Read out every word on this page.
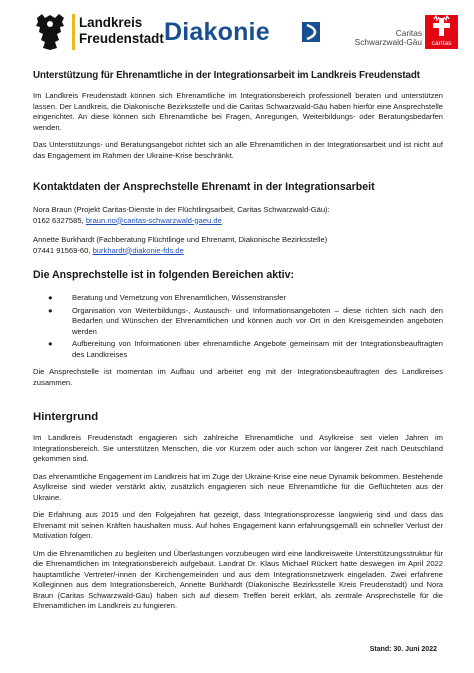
Landkreis
Freudenstadt Diakonie	Caritas
Schwarzwald-Gäu	caritas
Unterstützung für Ehrenamtliche in der Integrationsarbeit im Landkreis Freudenstadt

Im Landkreis Freudenstadt können sich Ehrenamtliche im Integrationsbereich professionell beraten und unterstützen lassen. Der Landkreis, die Diakonische Bezirksstelle und die Caritas Schwarzwald-Gäu haben hierfür eine Ansprechstelle eingerichtet. An diese können sich Ehrenamtliche bei Fragen, Anregungen, Weiterbildungs- oder Beratungsbedarfen wenden.

Das Unterstützungs- und Beratungsangebot richtet sich an alle Ehrenamtlichen in der Integrationsarbeit und ist nicht auf das Engagement im Rahmen der Ukraine-Krise beschränkt.

Kontaktdaten der Ansprechstelle Ehrenamt in der Integrationsarbeit

Nora Braun (Projekt Caritas-Dienste in der Flüchtlingsarbeit, Caritas Schwarzwald-Gäu):

0162 6327585, braun.no@caritas-schwarzwald-gaeu.de

Annette Burkhardt (Fachberatung Flüchtlinge und Ehrenamt, Diakonische Bezirksstelle)

07441 91569-60, burkhardt@diakonie-fds.de

Die Ansprechstelle ist in folgenden Bereichen aktiv:
●	Beratung und Vernetzung von Ehrenamtlichen, Wissenstransfer
●	Organisation von Weiterbildungs-, Austausch- und Informationsangeboten – diese richten sich nach den Bedarfen und Wünschen der Ehrenamtlichen und können auch vor Ort in den Kreisgemeinden angeboten werden
●	Aufbereitung von Informationen über ehrenamtliche Angebote gemeinsam mit der Integrationsbeauftragten des Landkreises

Die Ansprechstelle ist momentan im Aufbau und arbeitet eng mit der Integrationsbeauftragten des Landkreises zusammen.

Hintergrund

Im Landkreis Freudenstadt engagieren sich zahlreiche Ehrenamtliche und Asylkreise seit vielen Jahren im Integrationsbereich. Sie unterstützen Menschen, die vor Kurzem oder auch schon vor längerer Zeit nach Deutschland gekommen sind.

Das ehrenamtliche Engagement im Landkreis hat im Zuge der Ukraine-Krise eine neue Dynamik bekommen. Bestehende Asylkreise sind wieder verstärkt aktiv, zusätzlich engagieren sich neue Ehrenamtliche für die Geflüchteten aus der Ukraine.

Die Erfahrung aus 2015 und den Folgejahren hat gezeigt, dass Integrationsprozesse langwierig sind und dass das Ehrenamt mit seinen Kräften haushalten muss. Auf hohes Engagement kann erfahrungsgemäß ein schneller Verlust der Motivation folgen.

Um die Ehrenamtlichen zu begleiten und Überlastungen vorzubeugen wird eine landkreisweite Unterstützungsstruktur für die Ehrenamtlichen im Integrationsbereich aufgebaut. Landrat Dr. Klaus Michael Rückert hatte deswegen im April 2022 hauptamtliche Vertreter/-innen der Kirchengemeinden und aus dem Integrationsnetzwerk eingeladen. Zwei erfahrene Kolleginnen aus dem Integrationsbereich, Annette Burkhardt (Diakonische Bezirksstelle Kreis Freudenstadt) und Nora Braun (Caritas Schwarzwald-Gäu) haben sich auf diesem Treffen bereit erklärt, als zentrale Ansprechstelle für die Ehrenamtlichen im Landkreis zu fungieren.

Stand: 30. Juni 2022
